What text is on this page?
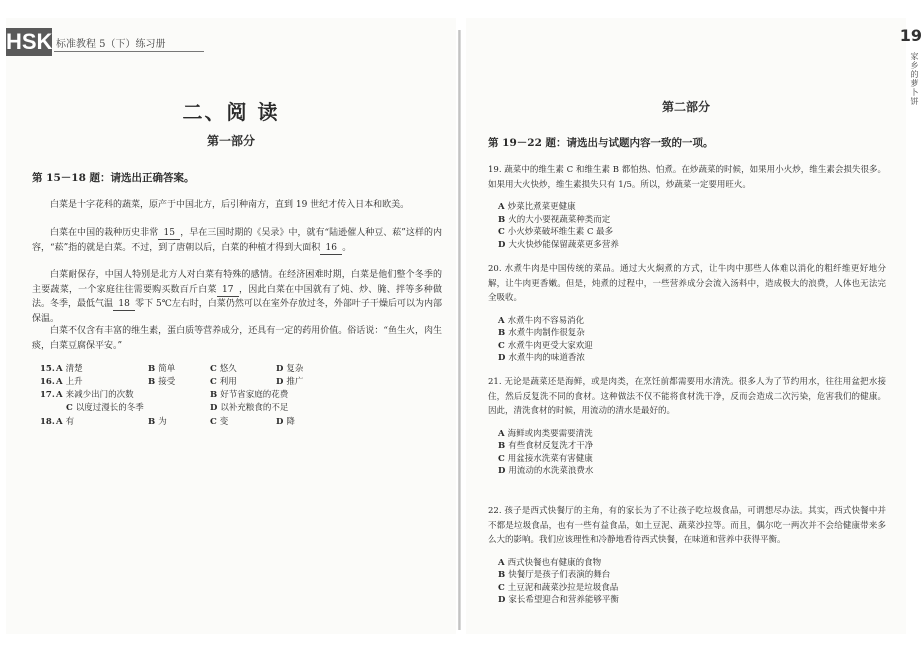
HSK 标准教程 5（下）练习册
二、阅 读
第一部分
第 15－18 题：请选出正确答案。

白菜是十字花科的蔬菜，原产于中国北方，后引种南方，直到 19 世纪才传入日本和欧美。

白菜在中国的栽种历史非常 15 ，早在三国时期的《吴录》中，就有“陆逊催人种豆、菘”这样的内容，“菘”指的就是白菜。不过，到了唐朝以后，白菜的种植才得到大面积 16 。

白菜耐保存，中国人特别是北方人对白菜有特殊的感情。在经济困难时期，白菜是他们整个冬季的主要蔬菜，一个家庭往往需要购买数百斤白菜 17 ，因此白菜在中国就有了炖、炒、腌、拌等多种做法。冬季，最低气温 18 零下 5℃左右时，白菜仍然可以在室外存放过冬，外部叶子干燥后可以为内部保温。

白菜不仅含有丰富的维生素，蛋白质等营养成分，还具有一定的药用价值。俗话说：“鱼生火，肉生痰，白菜豆腐保平安。”

15. A 清楚	B 简单	C 悠久	D 复杂
16. A 上升	B 接受	C 利用	D 推广
17. A 来减少出门的次数	B 好节省家庭的花费
C 以度过漫长的冬季	D 以补充粮食的不足
18. A 有	B 为	C 变	D 降
第二部分
第 19－22 题：请选出与试题内容一致的一项。

19. 蔬菜中的维生素 C 和维生素 B 都怕热、怕煮。在炒蔬菜的时候，如果用小火炒，维生素会损失很多。如果用大火快炒，维生素损失只有 1/5。所以，炒蔬菜一定要用旺火。

A 炒菜比煮菜更健康
B 火的大小要视蔬菜种类而定
C 小火炒菜破坏维生素 C 最多
D 大火快炒能保留蔬菜更多营养

20. 水煮牛肉是中国传统的菜品。通过大火焖煮的方式，让牛肉中那些人体难以消化的粗纤维更好地分解，让牛肉更香嫩。但是，炖煮的过程中，一些营养成分会流入汤料中，造成极大的浪费，人体也无法完全吸收。

A 水煮牛肉不容易消化
B 水煮牛肉制作很复杂
C 水煮牛肉更受大家欢迎
D 水煮牛肉的味道香浓

21. 无论是蔬菜还是海鲜，或是肉类，在烹饪前都需要用水清洗。很多人为了节约用水，往往用盆把水接住，然后反复洗不同的食材。这种做法不仅不能将食材洗干净，反而会造成二次污染，危害我们的健康。因此，清洗食材的时候，用流动的清水是最好的。

A 海鲜或肉类要需要清洗
B 有些食材反复洗才干净
C 用盆接水洗菜有害健康
D 用流动的水洗菜浪费水

22. 孩子是西式快餐厅的主角，有的家长为了不让孩子吃垃圾食品，可谓想尽办法。其实，西式快餐中并不都是垃圾食品，也有一些有益食品，如土豆泥、蔬菜沙拉等。而且，偶尔吃一两次并不会给健康带来多么大的影响。我们应该理性和冷静地看待西式快餐，在味道和营养中获得平衡。

A 西式快餐也有健康的食物
B 快餐厅是孩子们表演的舞台
C 土豆泥和蔬菜沙拉是垃圾食品
D 家长希望迎合和营养能够平衡
19
家乡的萝卜饼
